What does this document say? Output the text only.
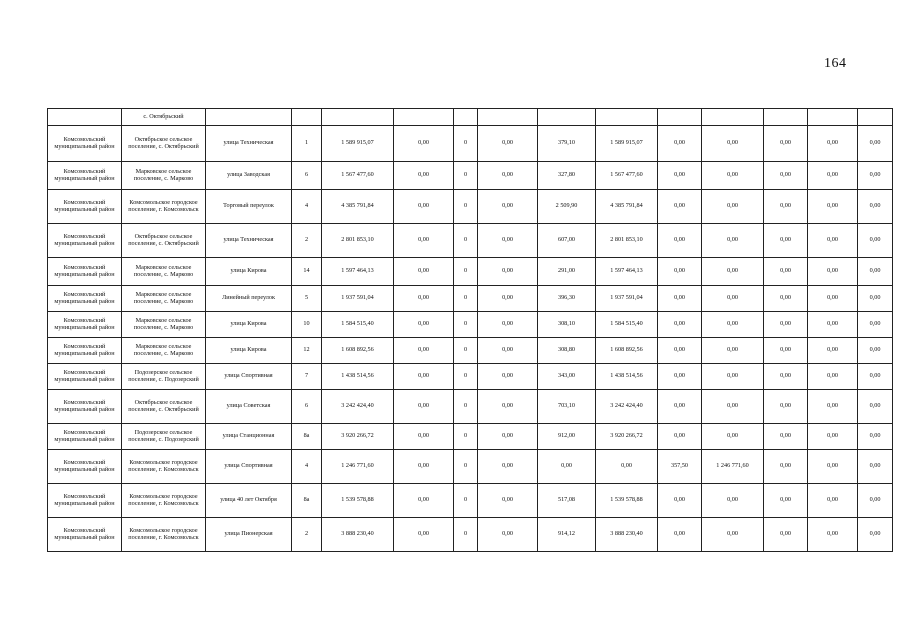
164
	с. Октябрьский													
Комсомольский муниципальный район	Октябрьское сельское поселение, с. Октябрьский	улица Техническая	1	1 589 915,07	0,00	0	0,00	379,10	1 589 915,07	0,00	0,00	0,00	0,00	0,00
Комсомольский муниципальный район	Марковское сельское поселение, с. Марково	улица Заводская	6	1 567 477,60	0,00	0	0,00	327,80	1 567 477,60	0,00	0,00	0,00	0,00	0,00
Комсомольский муниципальный район	Комсомольское городское поселение, г. Комсомольск	Торговый переулок	4	4 385 791,84	0,00	0	0,00	2 509,90	4 385 791,84	0,00	0,00	0,00	0,00	0,00
Комсомольский муниципальный район	Октябрьское сельское поселение, с. Октябрьский	улица Техническая	2	2 801 853,10	0,00	0	0,00	607,00	2 801 853,10	0,00	0,00	0,00	0,00	0,00
Комсомольский муниципальный район	Марковское сельское поселение, с. Марково	улица Кирова	14	1 597 464,13	0,00	0	0,00	291,00	1 597 464,13	0,00	0,00	0,00	0,00	0,00
Комсомольский муниципальный район	Марковское сельское поселение, с. Марково	Линейный переулок	5	1 937 591,04	0,00	0	0,00	396,30	1 937 591,04	0,00	0,00	0,00	0,00	0,00
Комсомольский муниципальный район	Марковское сельское поселение, с. Марково	улица Кирова	10	1 584 515,40	0,00	0	0,00	308,10	1 584 515,40	0,00	0,00	0,00	0,00	0,00
Комсомольский муниципальный район	Марковское сельское поселение, с. Марково	улица Кирова	12	1 608 892,56	0,00	0	0,00	308,80	1 608 892,56	0,00	0,00	0,00	0,00	0,00
Комсомольский муниципальный район	Подозерское сельское поселение, с. Подозерский	улица Спортивная	7	1 438 514,56	0,00	0	0,00	343,00	1 438 514,56	0,00	0,00	0,00	0,00	0,00
Комсомольский муниципальный район	Октябрьское сельское поселение, с. Октябрьский	улица Советская	6	3 242 424,40	0,00	0	0,00	703,10	3 242 424,40	0,00	0,00	0,00	0,00	0,00
Комсомольский муниципальный район	Подозерское сельское поселение, с. Подозерский	улица Станционная	8а	3 920 266,72	0,00	0	0,00	912,00	3 920 266,72	0,00	0,00	0,00	0,00	0,00
Комсомольский муниципальный район	Комсомольское городское поселение, г. Комсомольск	улица Спортивная	4	1 246 771,60	0,00	0	0,00	0,00	0,00	357,50	1 246 771,60	0,00	0,00	0,00
Комсомольский муниципальный район	Комсомольское городское поселение, г. Комсомольск	улица 40 лет Октября	8а	1 539 578,88	0,00	0	0,00	517,08	1 539 578,88	0,00	0,00	0,00	0,00	0,00
Комсомольский муниципальный район	Комсомольское городское поселение, г. Комсомольск	улица Пионерская	2	3 888 230,40	0,00	0	0,00	914,12	3 888 230,40	0,00	0,00	0,00	0,00	0,00
